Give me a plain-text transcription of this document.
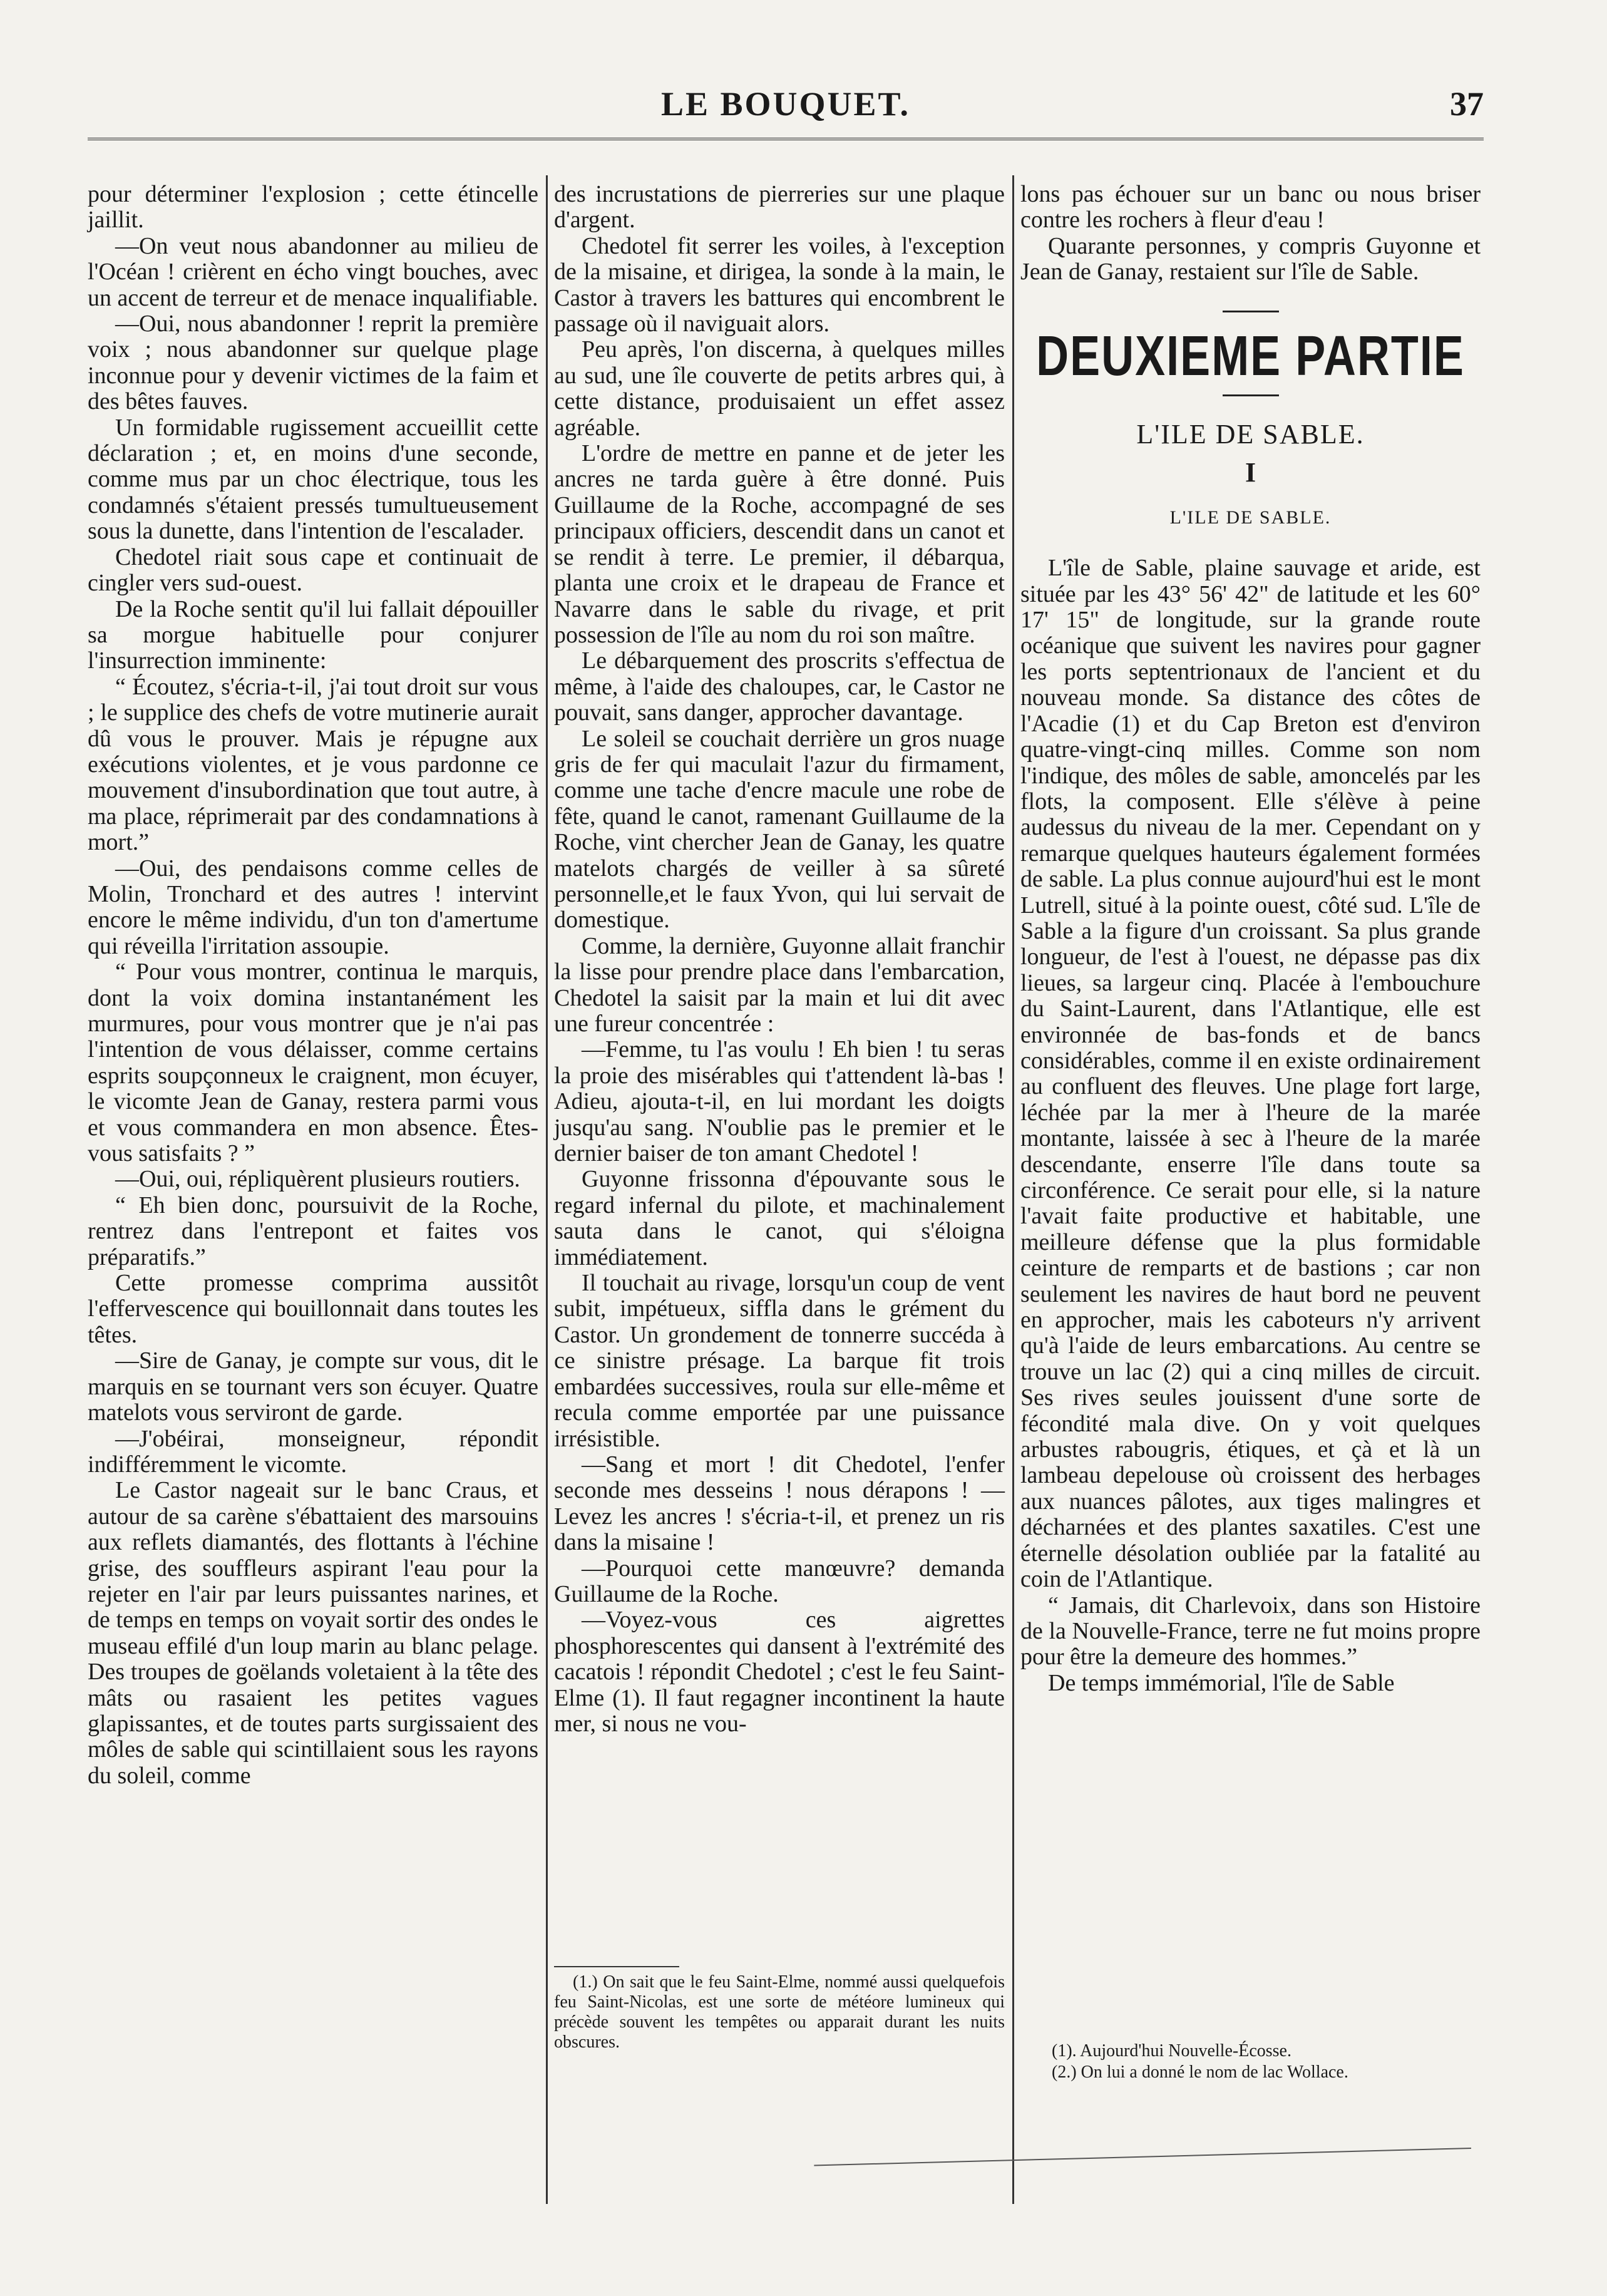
LE BOUQUET.	37

pour déterminer l'explosion ; cette étincelle jaillit.

—On veut nous abandonner au milieu de l'Océan ! crièrent en écho vingt bouches, avec un accent de terreur et de menace inqualifiable.

—Oui, nous abandonner ! reprit la première voix ; nous abandonner sur quelque plage inconnue pour y devenir victimes de la faim et des bêtes fauves.

Un formidable rugissement accueillit cette déclaration ; et, en moins d'une seconde, comme mus par un choc électrique, tous les condamnés s'étaient pressés tumultueusement sous la dunette, dans l'intention de l'escalader.

Chedotel riait sous cape et continuait de cingler vers sud-ouest.

De la Roche sentit qu'il lui fallait dépouiller sa morgue habituelle pour conjurer l'insurrection imminente:

“ Écoutez, s'écria-t-il, j'ai tout droit sur vous ; le supplice des chefs de votre mutinerie aurait dû vous le prouver. Mais je répugne aux exécutions violentes, et je vous pardonne ce mouvement d'insubordination que tout autre, à ma place, réprimerait par des condamnations à mort.”

—Oui, des pendaisons comme celles de Molin, Tronchard et des autres ! intervint encore le même individu, d'un ton d'amertume qui réveilla l'irritation assoupie.

“ Pour vous montrer, continua le marquis, dont la voix domina instantanément les murmures, pour vous montrer que je n'ai pas l'intention de vous délaisser, comme certains esprits soupçonneux le craignent, mon écuyer, le vicomte Jean de Ganay, restera parmi vous et vous commandera en mon absence. Êtes-vous satisfaits ? ”

—Oui, oui, répliquèrent plusieurs routiers.

“ Eh bien donc, poursuivit de la Roche, rentrez dans l'entrepont et faites vos préparatifs.”

Cette promesse comprima aussitôt l'effervescence qui bouillonnait dans toutes les têtes.

—Sire de Ganay, je compte sur vous, dit le marquis en se tournant vers son écuyer. Quatre matelots vous serviront de garde.

—J'obéirai, monseigneur, répondit indifféremment le vicomte.

Le Castor nageait sur le banc Craus, et autour de sa carène s'ébattaient des marsouins aux reflets diamantés, des flottants à l'échine grise, des souffleurs aspirant l'eau pour la rejeter en l'air par leurs puissantes narines, et de temps en temps on voyait sortir des ondes le museau effilé d'un loup marin au blanc pelage. Des troupes de goëlands voletaient à la tête des mâts ou rasaient les petites vagues glapissantes, et de toutes parts surgissaient des môles de sable qui scintillaient sous les rayons du soleil, comme

des incrustations de pierreries sur une plaque d'argent.

Chedotel fit serrer les voiles, à l'exception de la misaine, et dirigea, la sonde à la main, le Castor à travers les battures qui encombrent le passage où il naviguait alors.

Peu après, l'on discerna, à quelques milles au sud, une île couverte de petits arbres qui, à cette distance, produisaient un effet assez agréable.

L'ordre de mettre en panne et de jeter les ancres ne tarda guère à être donné. Puis Guillaume de la Roche, accompagné de ses principaux officiers, descendit dans un canot et se rendit à terre. Le premier, il débarqua, planta une croix et le drapeau de France et Navarre dans le sable du rivage, et prit possession de l'île au nom du roi son maître.

Le débarquement des proscrits s'effectua de même, à l'aide des chaloupes, car, le Castor ne pouvait, sans danger, approcher davantage.

Le soleil se couchait derrière un gros nuage gris de fer qui maculait l'azur du firmament, comme une tache d'encre macule une robe de fête, quand le canot, ramenant Guillaume de la Roche, vint chercher Jean de Ganay, les quatre matelots chargés de veiller à sa sûreté personnelle,et le faux Yvon, qui lui servait de domestique.

Comme, la dernière, Guyonne allait franchir la lisse pour prendre place dans l'embarcation, Chedotel la saisit par la main et lui dit avec une fureur concentrée :

—Femme, tu l'as voulu ! Eh bien ! tu seras la proie des misérables qui t'attendent là-bas ! Adieu, ajouta-t-il, en lui mordant les doigts jusqu'au sang. N'oublie pas le premier et le dernier baiser de ton amant Chedotel !

Guyonne frissonna d'épouvante sous le regard infernal du pilote, et machinalement sauta dans le canot, qui s'éloigna immédiatement.

Il touchait au rivage, lorsqu'un coup de vent subit, impétueux, siffla dans le grément du Castor. Un grondement de tonnerre succéda à ce sinistre présage. La barque fit trois embardées successives, roula sur elle-même et recula comme emportée par une puissance irrésistible.

—Sang et mort ! dit Chedotel, l'enfer seconde mes desseins ! nous dérapons ! — Levez les ancres ! s'écria-t-il, et prenez un ris dans la misaine !

—Pourquoi cette manœuvre? demanda Guillaume de la Roche.

—Voyez-vous ces aigrettes phosphorescentes qui dansent à l'extrémité des cacatois ! répondit Chedotel ; c'est le feu Saint-Elme (1). Il faut regagner incontinent la haute mer, si nous ne vou-

(1.) On sait que le feu Saint-Elme, nommé aussi quelquefois feu Saint-Nicolas, est une sorte de météore lumineux qui précède souvent les tempêtes ou apparait durant les nuits obscures.

lons pas échouer sur un banc ou nous briser contre les rochers à fleur d'eau !

Quarante personnes, y compris Guyonne et Jean de Ganay, restaient sur l'île de Sable.

DEUXIEME PARTIE
L'ILE DE SABLE.
I
L'ILE DE SABLE.

L'île de Sable, plaine sauvage et aride, est située par les 43° 56' 42" de latitude et les 60° 17' 15" de longitude, sur la grande route océanique que suivent les navires pour gagner les ports septentrionaux de l'ancient et du nouveau monde. Sa distance des côtes de l'Acadie (1) et du Cap Breton est d'environ quatre-vingt-cinq milles. Comme son nom l'indique, des môles de sable, amoncelés par les flots, la composent. Elle s'élève à peine audessus du niveau de la mer. Cependant on y remarque quelques hauteurs également formées de sable. La plus connue aujourd'hui est le mont Lutrell, situé à la pointe ouest, côté sud. L'île de Sable a la figure d'un croissant. Sa plus grande longueur, de l'est à l'ouest, ne dépasse pas dix lieues, sa largeur cinq. Placée à l'embouchure du Saint-Laurent, dans l'Atlantique, elle est environnée de bas-fonds et de bancs considérables, comme il en existe ordinairement au confluent des fleuves. Une plage fort large, léchée par la mer à l'heure de la marée montante, laissée à sec à l'heure de la marée descendante, enserre l'île dans toute sa circonférence. Ce serait pour elle, si la nature l'avait faite productive et habitable, une meilleure défense que la plus formidable ceinture de remparts et de bastions ; car non seulement les navires de haut bord ne peuvent en approcher, mais les caboteurs n'y arrivent qu'à l'aide de leurs embarcations. Au centre se trouve un lac (2) qui a cinq milles de circuit. Ses rives seules jouissent d'une sorte de fécondité mala dive. On y voit quelques arbustes rabougris, étiques, et çà et là un lambeau depelouse où croissent des herbages aux nuances pâlotes, aux tiges malingres et décharnées et des plantes saxatiles. C'est une éternelle désolation oubliée par la fatalité au coin de l'Atlantique.

“ Jamais, dit Charlevoix, dans son Histoire de la Nouvelle-France, terre ne fut moins propre pour être la demeure des hommes.”

De temps immémorial, l'île de Sable

(1). Aujourd'hui Nouvelle-Écosse.
(2.) On lui a donné le nom de lac Wollace.
